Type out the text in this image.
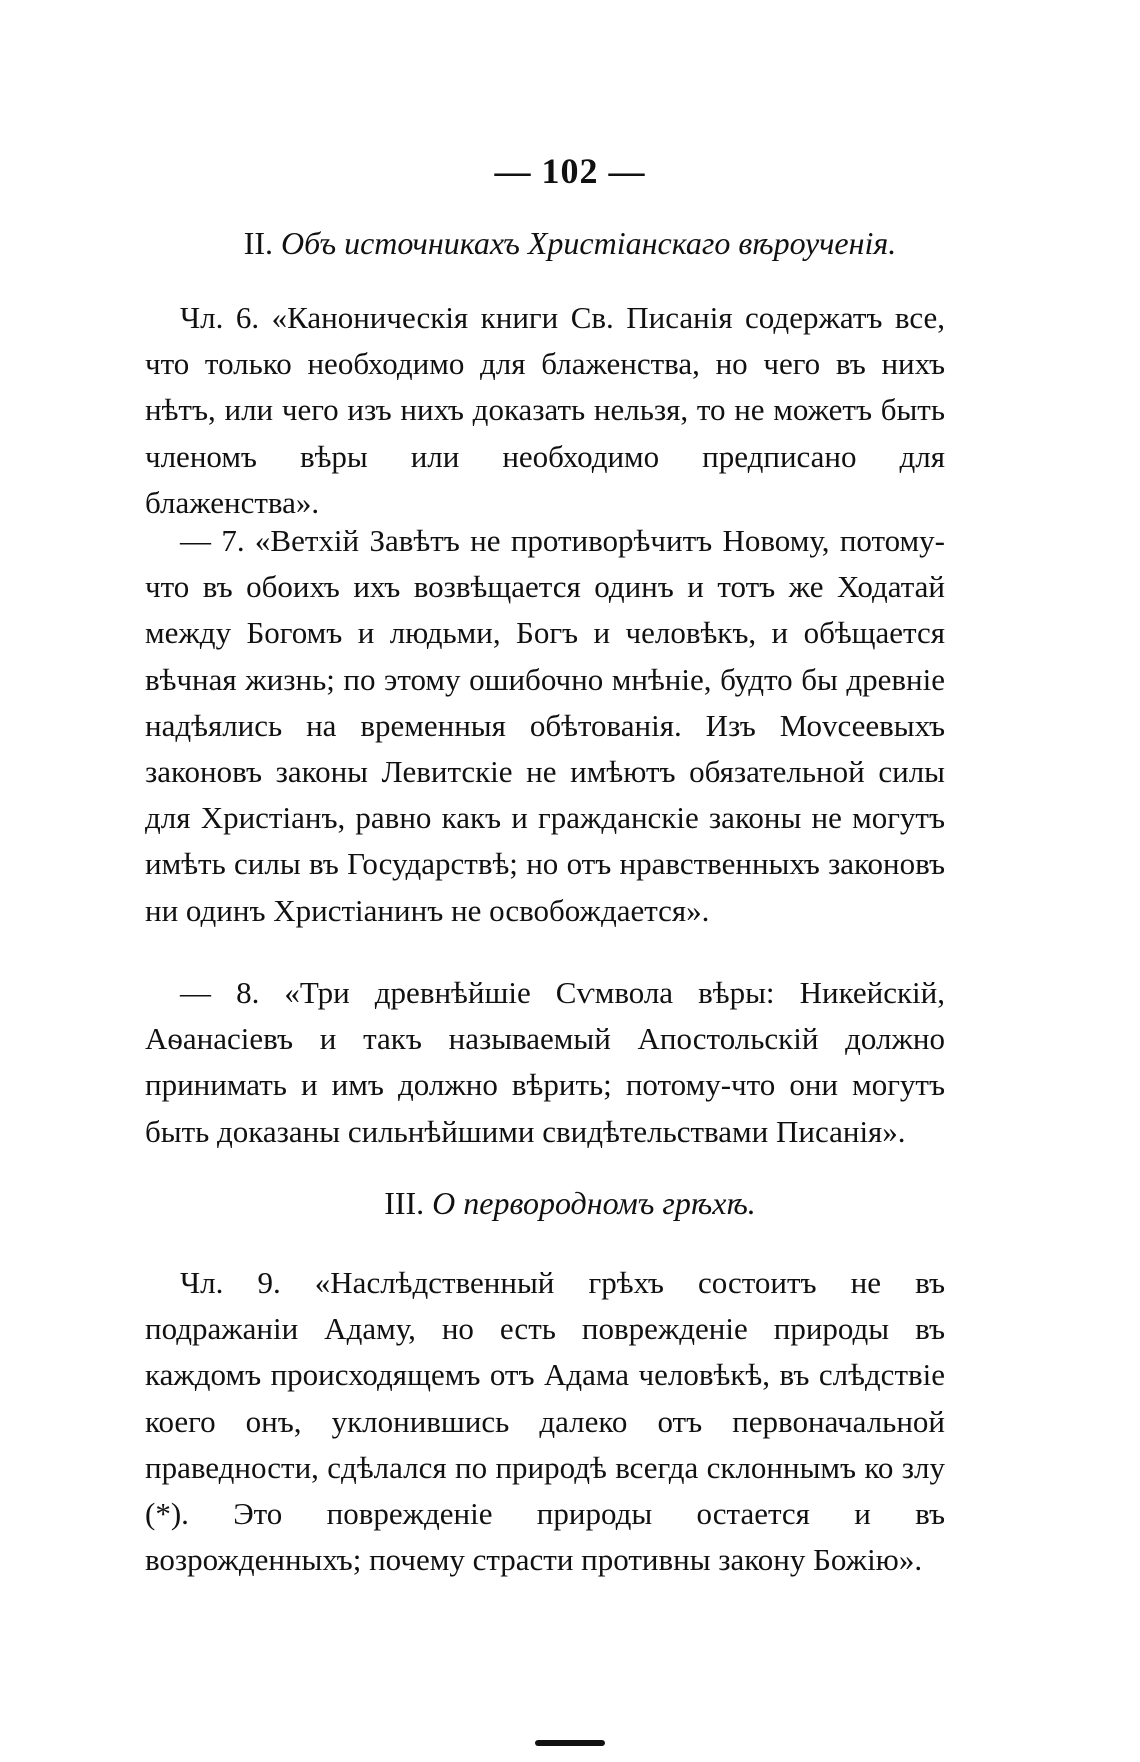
— 102 —
II. Объ источникахъ Христіанскаго вѣроученія.

Чл. 6. «Каноническія книги Св. Писанія содержатъ все, что только необходимо для блаженства, но чего въ нихъ нѣтъ, или чего изъ нихъ доказать нельзя, то не можетъ быть членомъ вѣры или необходимо предписано для блаженства».

— 7. «Ветхій Завѣтъ не противорѣчитъ Новому, потому-что въ обоихъ ихъ возвѣщается одинъ и тотъ же Ходатай между Богомъ и людьми, Богъ и человѣкъ, и обѣщается вѣчная жизнь; по этому ошибочно мнѣніе, будто бы древніе надѣялись на временныя обѣтованія. Изъ Моvсеевыхъ законовъ законы Левитскіе не имѣютъ обязательной силы для Христіанъ, равно какъ и гражданскіе законы не могутъ имѣть силы въ Государствѣ; но отъ нравственныхъ законовъ ни одинъ Христіанинъ не освобождается».

— 8. «Три древнѣйшіе Сѵмвола вѣры: Никейскій, Аѳанасіевъ и такъ называемый Апостольскій должно принимать и имъ должно вѣрить; потому-что они могутъ быть доказаны сильнѣйшими свидѣтельствами Писанія».

III. О первородномъ грѣхѣ.

Чл. 9. «Наслѣдственный грѣхъ состоитъ не въ подражаніи Адаму, но есть поврежденіе природы въ каждомъ происходящемъ отъ Адама человѣкѣ, въ слѣдствіе коего онъ, уклонившись далеко отъ первоначальной праведности, сдѣлался по природѣ всегда склоннымъ ко злу (*). Это поврежденіе природы остается и въ возрожденныхъ; почему страсти противны закону Божію».
